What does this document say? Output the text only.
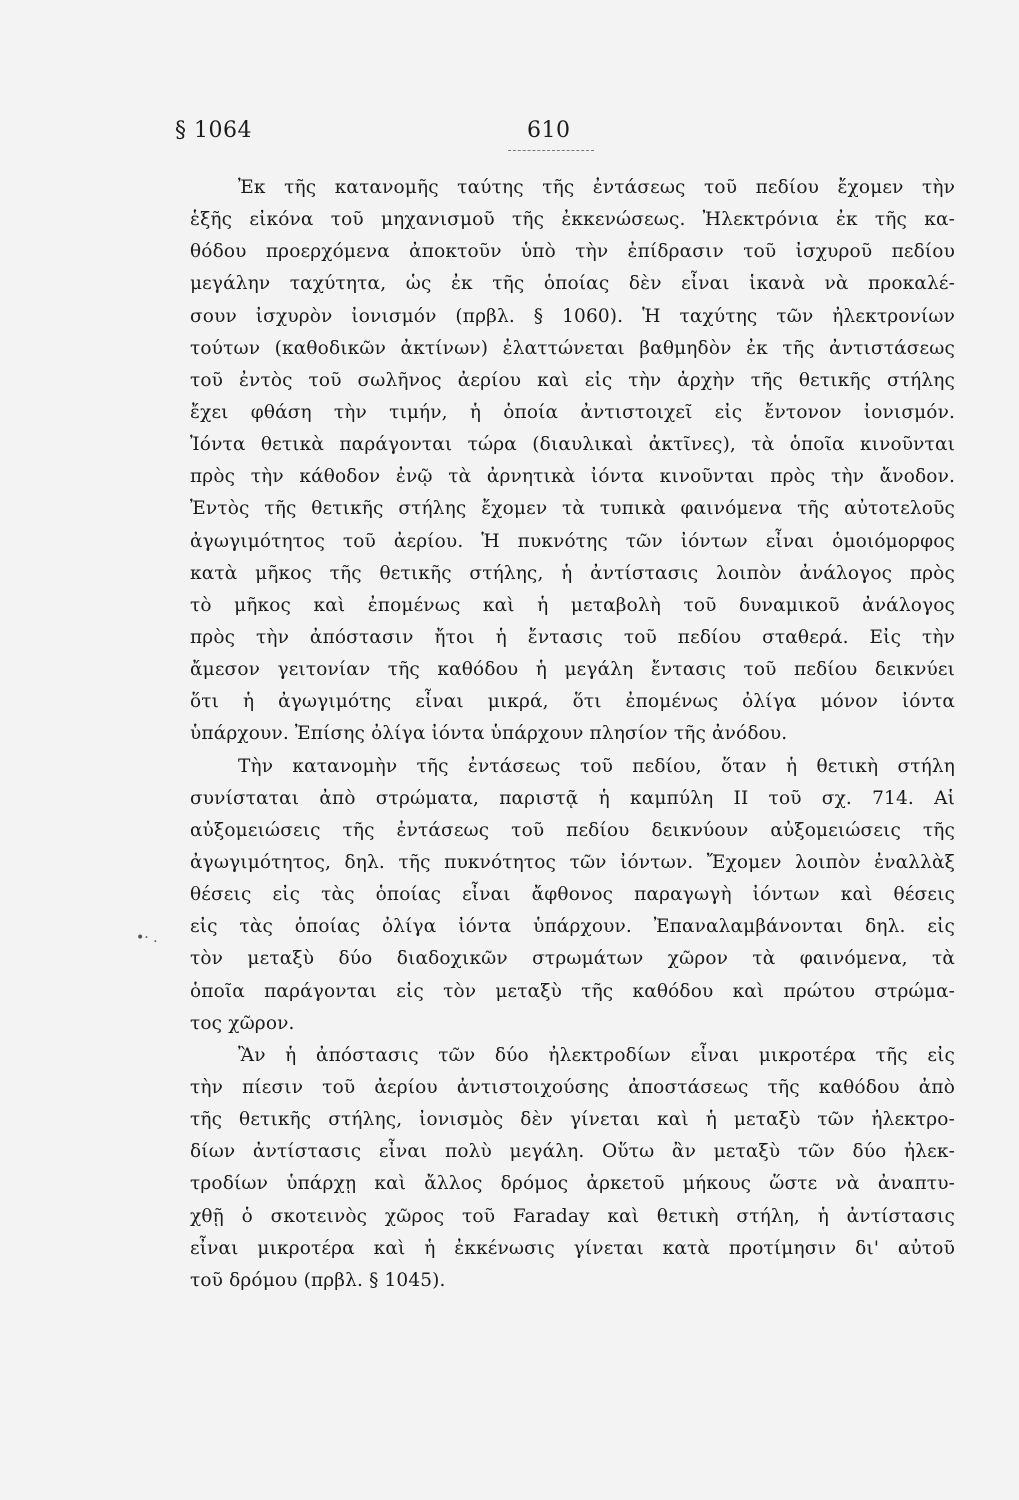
§ 1064	610
•· .
Ἐκ τῆς κατανομῆς ταύτης τῆς ἐντάσεως τοῦ πεδίου ἔχομεν τὴν
ἑξῆς εἰκόνα τοῦ μηχανισμοῦ τῆς ἐκκενώσεως. Ἠλεκτρόνια ἐκ τῆς κα-
θόδου προερχόμενα ἀποκτοῦν ὑπὸ τὴν ἐπίδρασιν τοῦ ἰσχυροῦ πεδίου
μεγάλην ταχύτητα, ὡς ἐκ τῆς ὁποίας δὲν εἶναι ἱκανὰ νὰ προκαλέ-
σουν ἰσχυρὸν ἰονισμόν (πρβλ. § 1060). Ἡ ταχύτης τῶν ἠλεκτρονίων
τούτων (καθοδικῶν ἀκτίνων) ἐλαττώνεται βαθμηδὸν ἐκ τῆς ἀντιστάσεως
τοῦ ἐντὸς τοῦ σωλῆνος ἀερίου καὶ εἰς τὴν ἀρχὴν τῆς θετικῆς στήλης
ἔχει φθάση τὴν τιμήν, ἡ ὁποία ἀντιστοιχεῖ εἰς ἔντονον ἰονισμόν.
Ἰόντα θετικὰ παράγονται τώρα (διαυλικαὶ ἀκτῖνες), τὰ ὁποῖα κινοῦνται
πρὸς τὴν κάθοδον ἐνῷ τὰ ἀρνητικὰ ἰόντα κινοῦνται πρὸς τὴν ἄνοδον.
Ἐντὸς τῆς θετικῆς στήλης ἔχομεν τὰ τυπικὰ φαινόμενα τῆς αὐτοτελοῦς
ἀγωγιμότητος τοῦ ἀερίου. Ἡ πυκνότης τῶν ἰόντων εἶναι ὁμοιόμορφος
κατὰ μῆκος τῆς θετικῆς στήλης, ἡ ἀντίστασις λοιπὸν ἀνάλογος πρὸς
τὸ μῆκος καὶ ἐπομένως καὶ ἡ μεταβολὴ τοῦ δυναμικοῦ ἀνάλογος
πρὸς τὴν ἀπόστασιν ἤτοι ἡ ἔντασις τοῦ πεδίου σταθερά. Εἰς τὴν
ἄμεσον γειτονίαν τῆς καθόδου ἡ μεγάλη ἔντασις τοῦ πεδίου δεικνύει
ὅτι ἡ ἀγωγιμότης εἶναι μικρά, ὅτι ἐπομένως ὀλίγα μόνον ἰόντα
ὑπάρχουν. Ἐπίσης ὀλίγα ἰόντα ὑπάρχουν πλησίον τῆς ἀνόδου.
Τὴν κατανομὴν τῆς ἐντάσεως τοῦ πεδίου, ὅταν ἡ θετικὴ στήλη
συνίσταται ἀπὸ στρώματα, παριστᾷ ἡ καμπύλη II τοῦ σχ. 714. Αἱ
αὐξομειώσεις τῆς ἐντάσεως τοῦ πεδίου δεικνύουν αὐξομειώσεις τῆς
ἀγωγιμότητος, δηλ. τῆς πυκνότητος τῶν ἰόντων. Ἔχομεν λοιπὸν ἐναλλὰξ
θέσεις εἰς τὰς ὁποίας εἶναι ἄφθονος παραγωγὴ ἰόντων καὶ θέσεις
εἰς τὰς ὁποίας ὀλίγα ἰόντα ὑπάρχουν. Ἐπαναλαμβάνονται δηλ. εἰς
τὸν μεταξὺ δύο διαδοχικῶν στρωμάτων χῶρον τὰ φαινόμενα, τὰ
ὁποῖα παράγονται εἰς τὸν μεταξὺ τῆς καθόδου καὶ πρώτου στρώμα-
τος χῶρον.
Ἂν ἡ ἀπόστασις τῶν δύο ἠλεκτροδίων εἶναι μικροτέρα τῆς εἰς
τὴν πίεσιν τοῦ ἀερίου ἀντιστοιχούσης ἀποστάσεως τῆς καθόδου ἀπὸ
τῆς θετικῆς στήλης, ἰονισμὸς δὲν γίνεται καὶ ἡ μεταξὺ τῶν ἠλεκτρο-
δίων ἀντίστασις εἶναι πολὺ μεγάλη. Οὕτω ἂν μεταξὺ τῶν δύο ἠλεκ-
τροδίων ὑπάρχῃ καὶ ἄλλος δρόμος ἀρκετοῦ μήκους ὥστε νὰ ἀναπτυ-
χθῇ ὁ σκοτεινὸς χῶρος τοῦ Faraday καὶ θετικὴ στήλη, ἡ ἀντίστασις
εἶναι μικροτέρα καὶ ἡ ἐκκένωσις γίνεται κατὰ προτίμησιν δι' αὐτοῦ
τοῦ δρόμου (πρβλ. § 1045).
